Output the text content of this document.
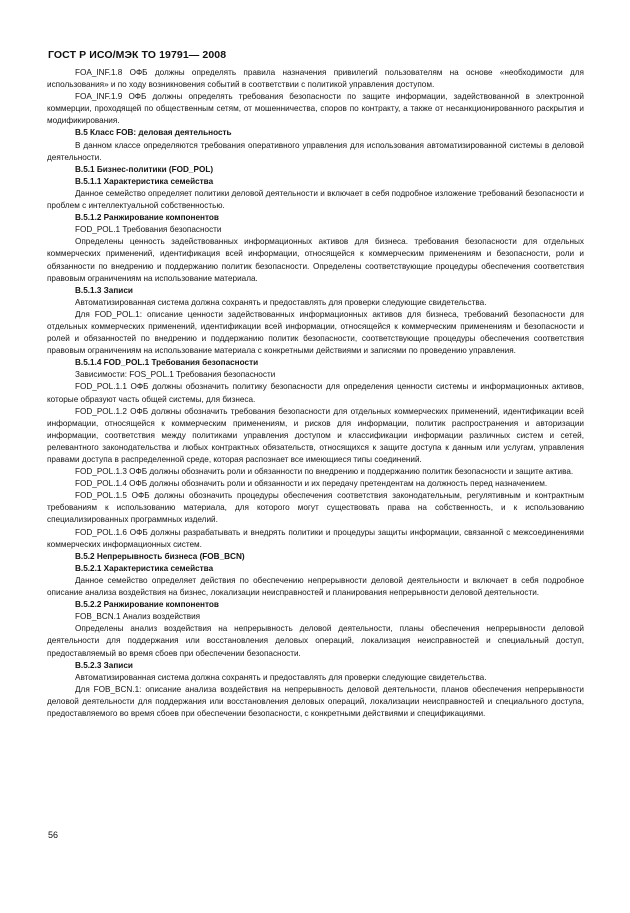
ГОСТ Р ИСО/МЭК ТО 19791— 2008

FOA_INF.1.8 ОФБ должны определять правила назначения привилегий пользователям на основе «необходимости для использования» и по ходу возникновения событий в соответствии с политикой управления доступом.

FOA_INF.1.9 ОФБ должны определять требования безопасности по защите информации, задействованной в электронной коммерции, проходящей по общественным сетям, от мошенничества, споров по контракту, а также от несанкционированного раскрытия и модификирования.

В.5 Класс FOB: деловая деятельность

В данном классе определяются требования оперативного управления для использования автоматизированной системы в деловой деятельности.

В.5.1 Бизнес-политики (FOD_POL)

В.5.1.1 Характеристика семейства

Данное семейство определяет политики деловой деятельности и включает в себя подробное изложение требований безопасности и проблем с интеллектуальной собственностью.

В.5.1.2 Ранжирование компонентов

FOD_POL.1 Требования безопасности

Определены ценность задействованных информационных активов для бизнеса. требования безопасности для отдельных коммерческих применений, идентификация всей информации, относящейся к коммерческим применениям и безопасности, роли и обязанности по внедрению и поддержанию политик безопасности. Определены соответствующие процедуры обеспечения соответствия правовым ограничениям на использование материала.

В.5.1.3 Записи

Автоматизированная система должна сохранять и предоставлять для проверки следующие свидетельства.

Для FOD_POL.1: описание ценности задействованных информационных активов для бизнеса, требований безопасности для отдельных коммерческих применений, идентификации всей информации, относящейся к коммерческим применениям и безопасности и ролей и обязанностей по внедрению и поддержанию политик безопасности, соответствующие процедуры обеспечения соответствия правовым ограничениям на использование материала с конкретными действиями и записями по проведению управления.

В.5.1.4 FOD_POL.1 Требования безопасности

Зависимости: FOS_POL.1 Требования безопасности

FOD_POL.1.1 ОФБ должны обозначить политику безопасности для определения ценности системы и информационных активов, которые образуют часть общей системы, для бизнеса.

FOD_POL.1.2 ОФБ должны обозначить требования безопасности для отдельных коммерческих применений, идентификации всей информации, относящейся к коммерческим применениям, и рисков для информации, политик распространения и авторизации информации, соответствия между политиками управления доступом и классификации информации различных систем и сетей, релевантного законодательства и любых контрактных обязательств, относящихся к защите доступа к данным или услугам, управления правами доступа в распределенной среде, которая распознает все имеющиеся типы соединений.

FOD_POL.1.3 ОФБ должны обозначить роли и обязанности по внедрению и поддержанию политик безопасности и защите актива.

FOD_POL.1.4 ОФБ должны обозначить роли и обязанности и их передачу претендентам на должность перед назначением.

FOD_POL.1.5 ОФБ должны обозначить процедуры обеспечения соответствия законодательным, регулятивным и контрактным требованиям к использованию материала, для которого могут существовать права на собственность, и к использованию специализированных программных изделий.

FOD_POL.1.6 ОФБ должны разрабатывать и внедрять политики и процедуры защиты информации, связанной с межсоединениями коммерческих информационных систем.

В.5.2 Непрерывность бизнеса (FOB_BCN)

В.5.2.1 Характеристика семейства

Данное семейство определяет действия по обеспечению непрерывности деловой деятельности и включает в себя подробное описание анализа воздействия на бизнес, локализации неисправностей и планирования непрерывности деловой деятельности.

В.5.2.2 Ранжирование компонентов

FOB_BCN.1 Анализ воздействия

Определены анализ воздействия на непрерывность деловой деятельности, планы обеспечения непрерывности деловой деятельности для поддержания или восстановления деловых операций, локализация неисправностей и специальный доступ, предоставляемый во время сбоев при обеспечении безопасности.

В.5.2.3 Записи

Автоматизированная система должна сохранять и предоставлять для проверки следующие свидетельства.

Для FOB_BCN.1: описание анализа воздействия на непрерывность деловой деятельности, планов обеспечения непрерывности деловой деятельности для поддержания или восстановления деловых операций, локализации неисправностей и специального доступа, предоставляемого во время сбоев при обеспечении безопасности, с конкретными действиями и спецификациями.

56
